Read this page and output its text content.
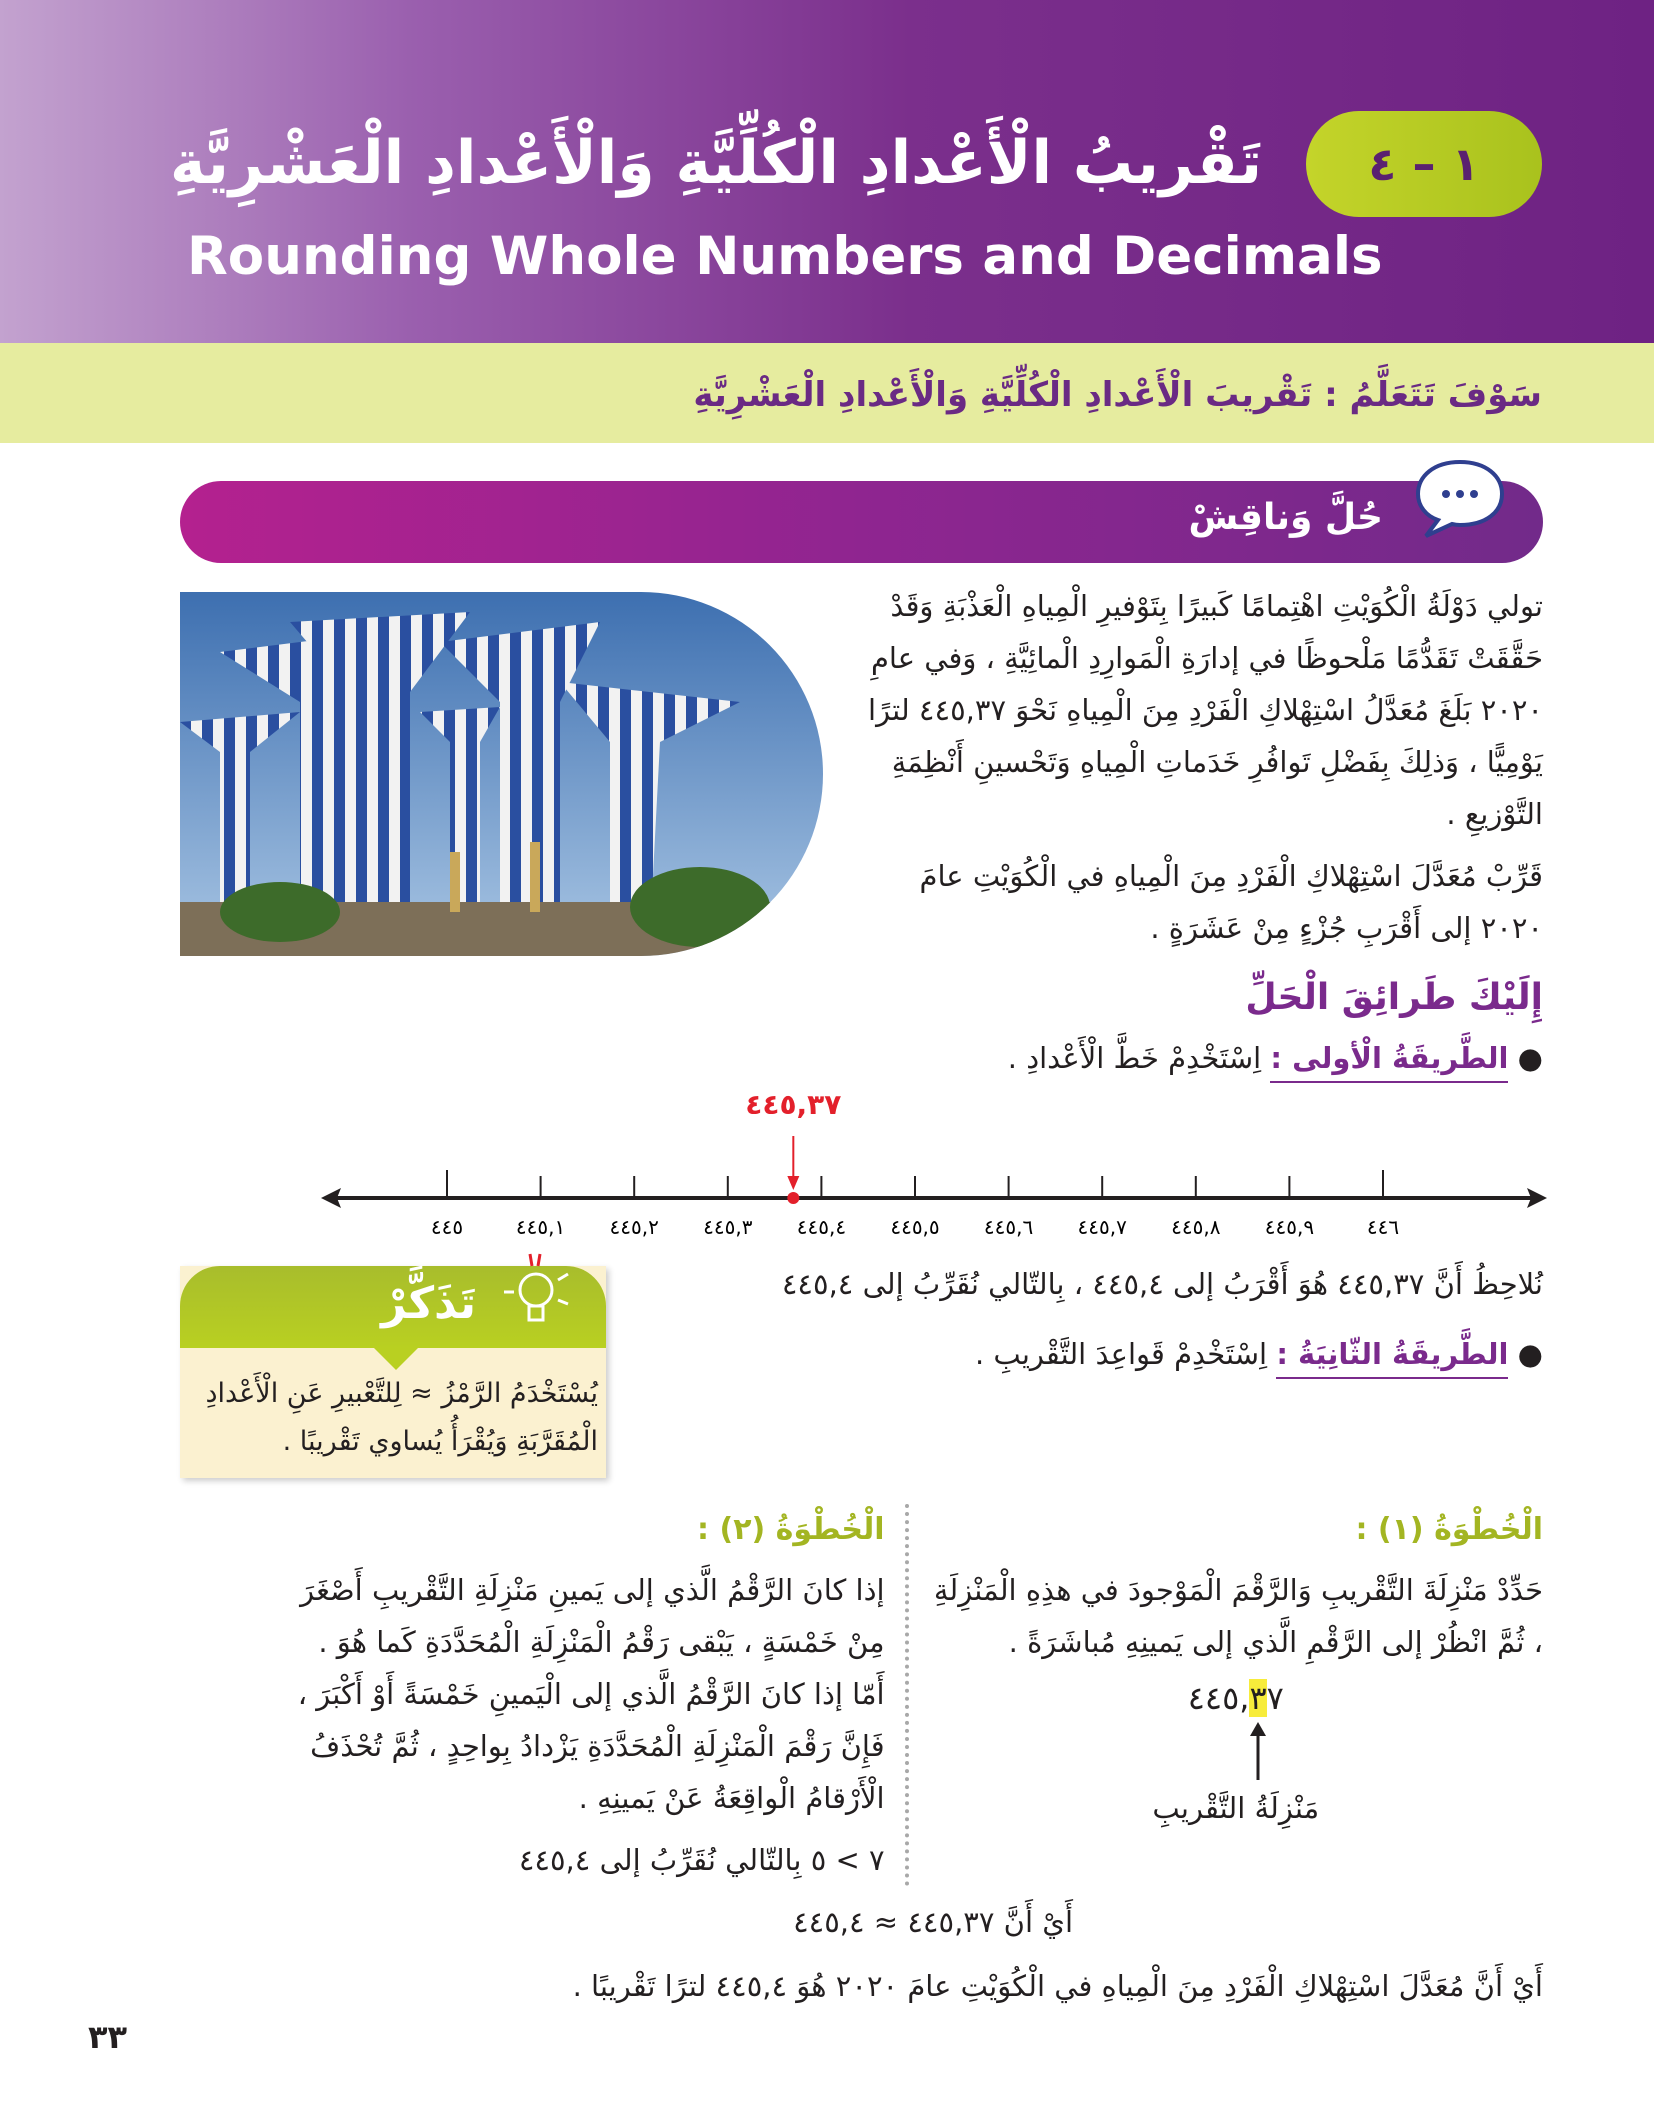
١ – ٤
تَقْريبُ الْأَعْدادِ الْكُلِّيَّةِ وَالْأَعْدادِ الْعَشْرِيَّةِ
Rounding Whole Numbers and Decimals
سَوْفَ تَتَعَلَّمُ : تَقْريبَ الْأَعْدادِ الْكُلِّيَّةِ وَالْأَعْدادِ الْعَشْرِيَّةِ
حُلَّ وَناقِشْ

تولي دَوْلَةُ الْكُوَيْتِ اهْتِمامًا كَبيرًا بِتَوْفيرِ الْمِياهِ الْعَذْبَةِ وَقَدْ حَقَّقَتْ تَقَدُّمًا مَلْحوظًا في إدارَةِ الْمَوارِدِ الْمائِيَّةِ ، وَفي عامِ ٢٠٢٠ بَلَغَ مُعَدَّلُ اسْتِهْلاكِ الْفَرْدِ مِنَ الْمِياهِ نَحْوَ ٤٤٥,٣٧ لترًا يَوْمِيًّا ، وَذلِكَ بِفَضْلِ تَوافُرِ خَدَماتِ الْمِياهِ وَتَحْسينِ أَنْظِمَةِ التَّوْزيعِ .

قَرِّبْ مُعَدَّلَ اسْتِهْلاكِ الْفَرْدِ مِنَ الْمِياهِ في الْكُوَيْتِ عامَ ٢٠٢٠ إلى أَقْرَبِ جُزْءٍ مِنْ عَشَرَةٍ .

إِلَيْكَ طَرائِقَ الْحَلِّ
● الطَّريقَةُ الْأولى : اِسْتَخْدِمْ خَطَّ الْأَعْدادِ .
٤٤٥	٤٤٥,١ ٤٤٥,٢ ٤٤٥,٣ ٤٤٥,٤ ٤٤٥,٥ ٤٤٥,٦ ٤٤٥,٧ ٤٤٥,٨ ٤٤٥,٩	٤٤٦
٤٤٥,٣٧
تَذَكَّرْ
يُسْتَخْدَمُ الرَّمْزُ ≈ لِلتَّعْبيرِ عَنِ الْأَعْدادِ الْمُقَرَّبَةِ وَيُقْرَأُ يُساوي تَقْريبًا .

نُلاحِظُ أَنَّ ٤٤٥,٣٧ هُوَ أَقْرَبُ إلى ٤٤٥,٤ ، بِالتّالي نُقَرِّبُ إلى ٤٤٥,٤

● الطَّريقَةُ الثّانِيَةُ : اِسْتَخْدِمْ قَواعِدَ التَّقْريبِ .
الْخُطْوَةُ (٢) :

إذا كانَ الرَّقْمُ الَّذي إلى يَمينِ مَنْزِلَةِ التَّقْريبِ أَصْغَرَ مِنْ خَمْسَةٍ ، يَبْقى رَقْمُ الْمَنْزِلَةِ الْمُحَدَّدَةِ كَما هُوَ . أَمّا إذا كانَ الرَّقْمُ الَّذي إلى الْيَمينِ خَمْسَةً أَوْ أَكْبَرَ ، فَإِنَّ رَقْمَ الْمَنْزِلَةِ الْمُحَدَّدَةِ يَزْدادُ بِواحِدٍ ، ثُمَّ تُحْذَفُ الْأَرْقامُ الْواقِعَةُ عَنْ يَمينِهِ .

٧ > ٥ بِالتّالي نُقَرِّبُ إلى ٤٤٥,٤

الْخُطْوَةُ (١) :

حَدِّدْ مَنْزِلَةَ التَّقْريبِ وَالرَّقْمَ الْمَوْجودَ في هذِهِ الْمَنْزِلَةِ ، ثُمَّ انْظُرْ إلى الرَّقْمِ الَّذي إلى يَمينِهِ مُباشَرَةً .

٤٤٥,٣٧
مَنْزِلَةُ التَّقْريبِ

أَيْ أَنَّ ٤٤٥,٣٧ ≈ ٤٤٥,٤

أَيْ أَنَّ مُعَدَّلَ اسْتِهْلاكِ الْفَرْدِ مِنَ الْمِياهِ في الْكُوَيْتِ عامَ ٢٠٢٠ هُوَ ٤٤٥,٤ لترًا تَقْريبًا .

٣٣
